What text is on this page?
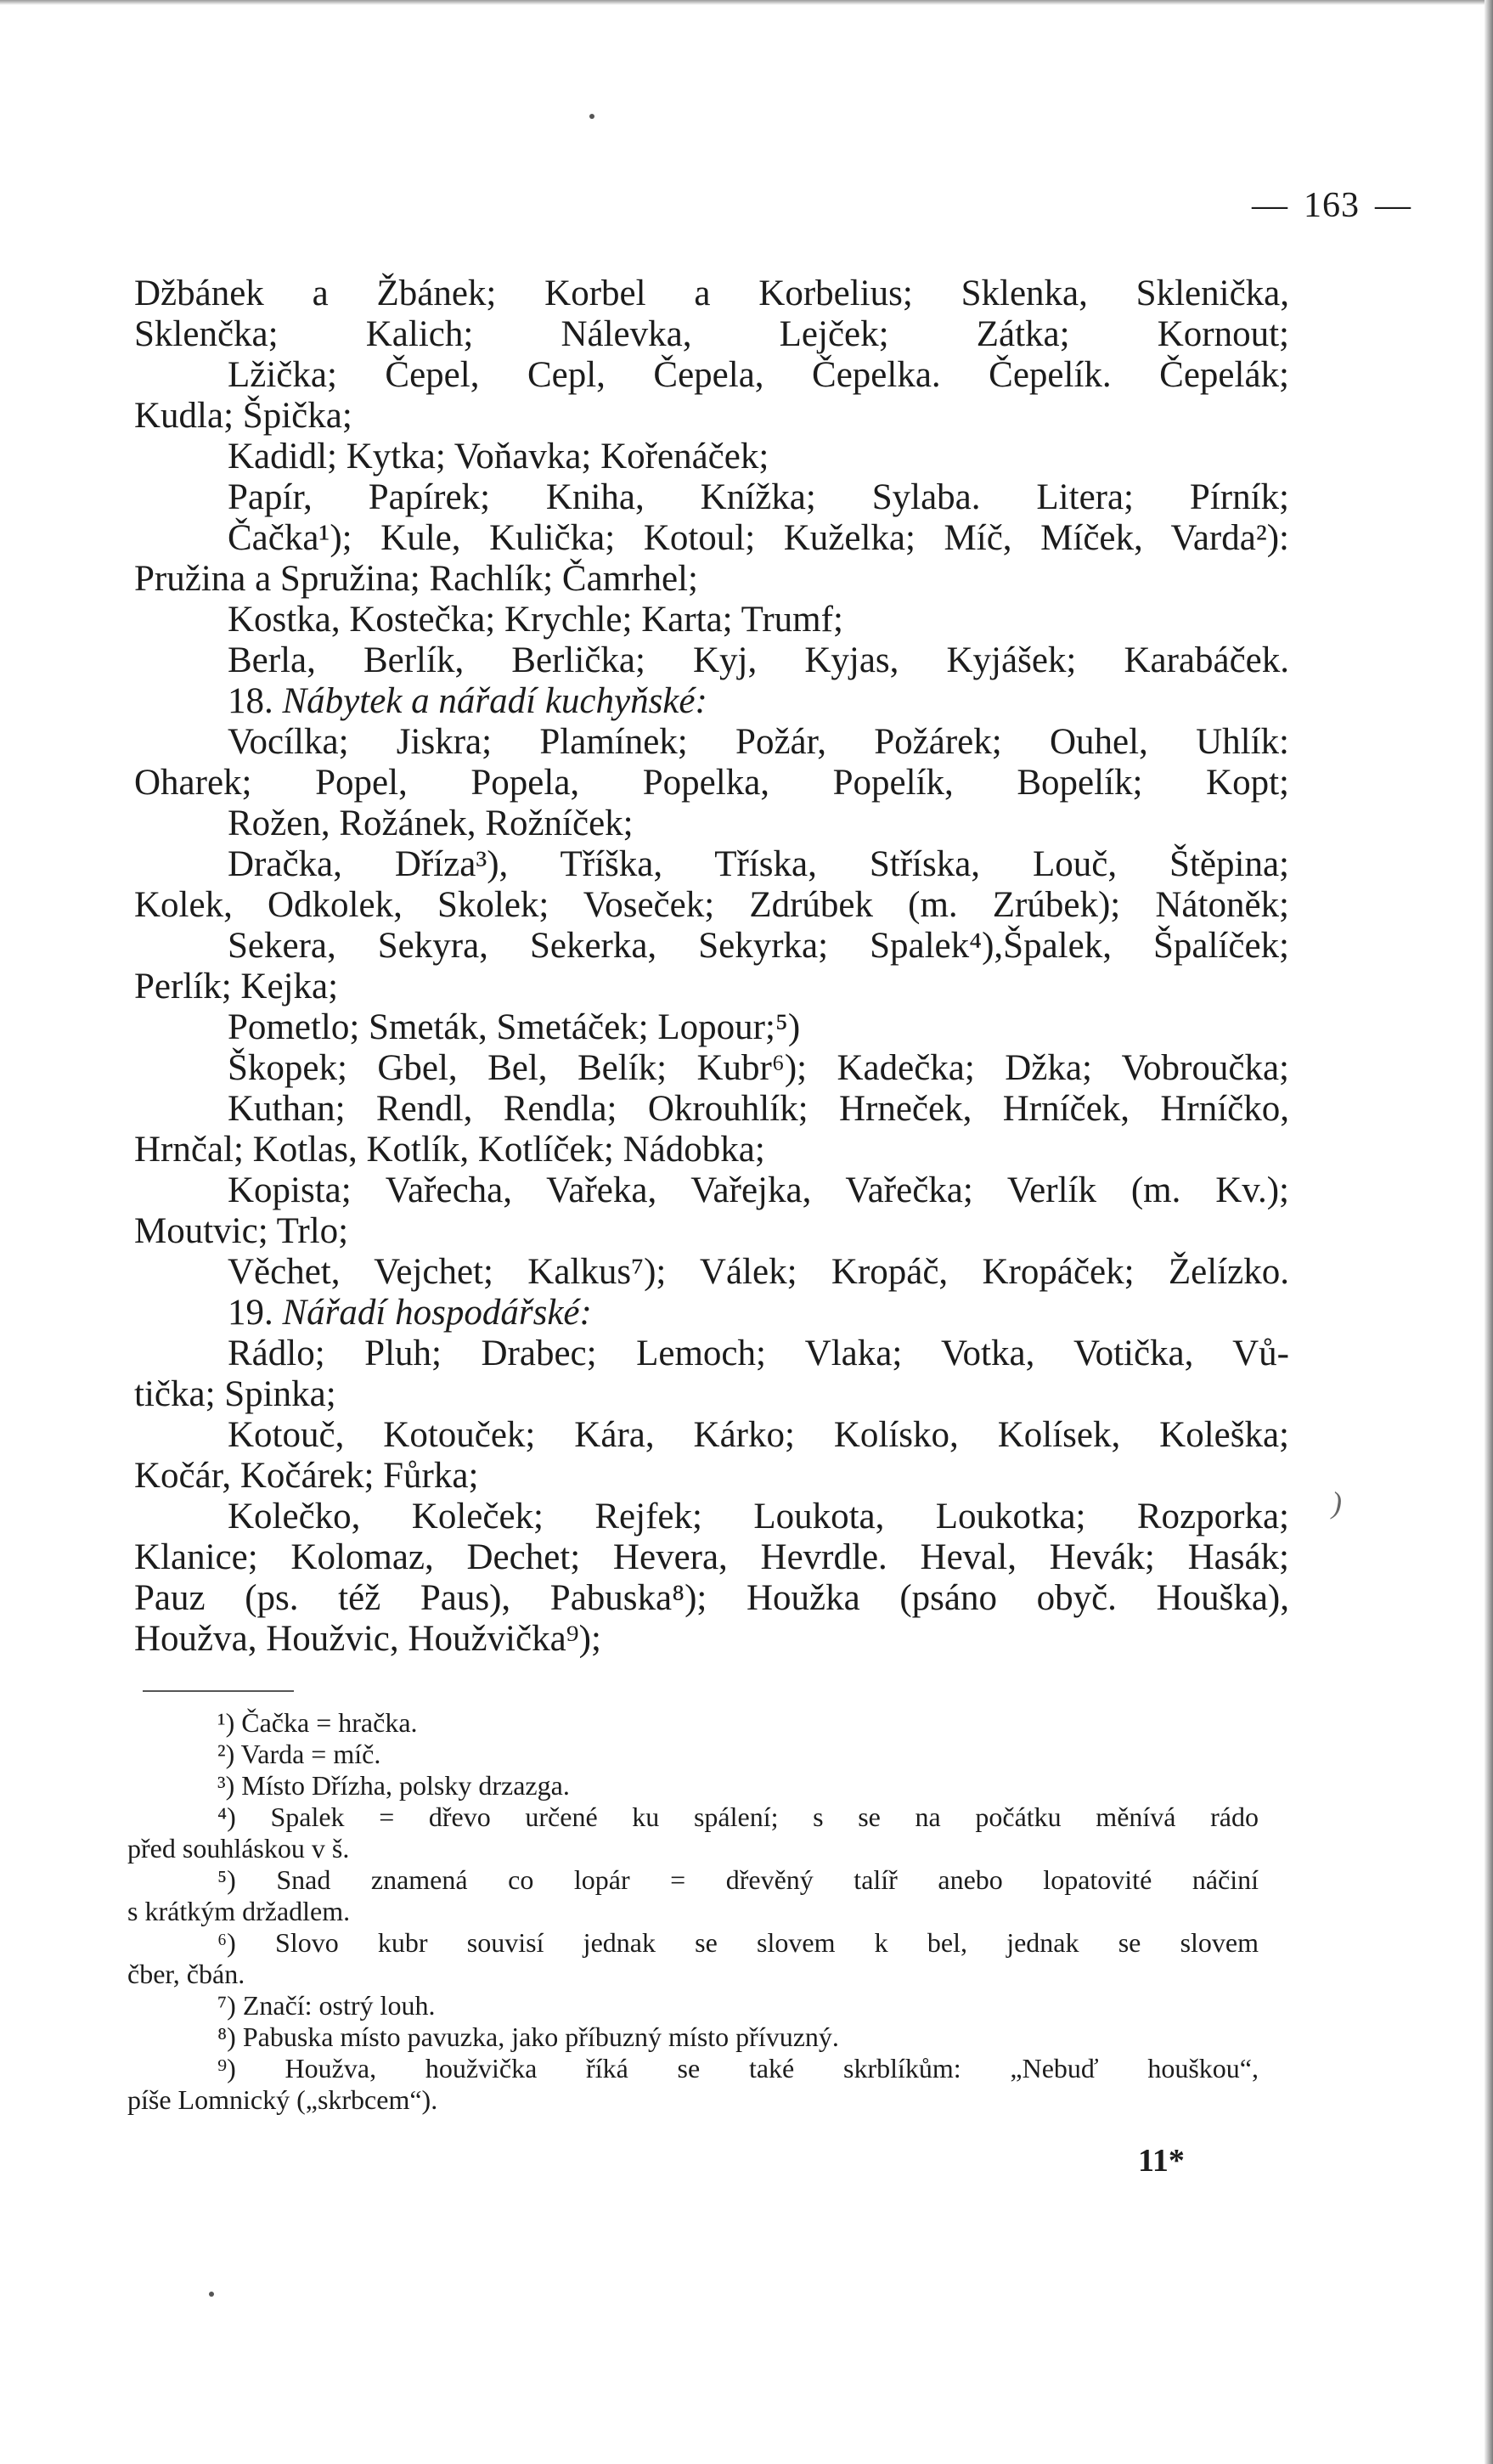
— 163 —
Džbánek a Žbánek; Korbel a Korbelius; Sklenka, Sklenička,
Sklenčka; Kalich; Nálevka, Lejček; Zátka; Kornout;
Lžička; Čepel, Cepl, Čepela, Čepelka. Čepelík. Čepelák;
Kudla; Špička;
Kadidl; Kytka; Voňavka; Kořenáček;
Papír, Papírek; Kniha, Knížka; Sylaba. Litera; Pírník;
Čačka¹); Kule, Kulička; Kotoul; Kuželka; Míč, Míček, Varda²):
Pružina a Spružina; Rachlík; Čamrhel;
Kostka, Kostečka; Krychle; Karta; Trumf;
Berla, Berlík, Berlička; Kyj, Kyjas, Kyjášek; Karabáček.
18. Nábytek a nářadí kuchyňské:
Vocílka; Jiskra; Plamínek; Požár, Požárek; Ouhel, Uhlík:
Oharek; Popel, Popela, Popelka, Popelík, Bopelík; Kopt;
Rožen, Rožánek, Rožníček;
Dračka, Dříza³), Tříška, Tříska, Stříska, Louč, Štěpina;
Kolek, Odkolek, Skolek; Voseček; Zdrúbek (m. Zrúbek); Nátoněk;
Sekera, Sekyra, Sekerka, Sekyrka; Spalek⁴),Špalek, Špalíček;
Perlík; Kejka;
Pometlo; Smeták, Smetáček; Lopour;⁵)
Škopek; Gbel, Bel, Belík; Kubr⁶); Kadečka; Džka; Vobroučka;
Kuthan; Rendl, Rendla; Okrouhlík; Hrneček, Hrníček, Hrníčko,
Hrnčal; Kotlas, Kotlík, Kotlíček; Nádobka;
Kopista; Vařecha, Vařeka, Vařejka, Vařečka; Verlík (m. Kv.);
Moutvic; Trlo;
Věchet, Vejchet; Kalkus⁷); Válek; Kropáč, Kropáček; Želízko.
19. Nářadí hospodářské:
Rádlo; Pluh; Drabec; Lemoch; Vlaka; Votka, Votička, Vů-
tička; Spinka;
Kotouč, Kotouček; Kára, Kárko; Kolísko, Kolísek, Koleška;
Kočár, Kočárek; Fůrka;
Kolečko, Koleček; Rejfek; Loukota, Loukotka; Rozporka;
Klanice; Kolomaz, Dechet; Hevera, Hevrdle. Heval, Hevák; Hasák;
Pauz (ps. též Paus), Pabuska⁸); Houžka (psáno obyč. Houška),
Houžva, Houžvic, Houžvička⁹);
)
¹) Čačka = hračka.
²) Varda = míč.
³) Místo Dřízha, polsky drzazga.
⁴) Spalek = dřevo určené ku spálení; s se na počátku měnívá rádo
před souhláskou v š.
⁵) Snad znamená co lopár = dřevěný talíř anebo lopatovité náčiní
s krátkým držadlem.
⁶) Slovo kubr souvisí jednak se slovem k bel, jednak se slovem
čber, čbán.
⁷) Značí: ostrý louh.
⁸) Pabuska místo pavuzka, jako příbuzný místo přívuzný.
⁹) Houžva, houžvička říká se také skrblíkům: „Nebuď houškou“,
píše Lomnický („skrbcem“).
11*
